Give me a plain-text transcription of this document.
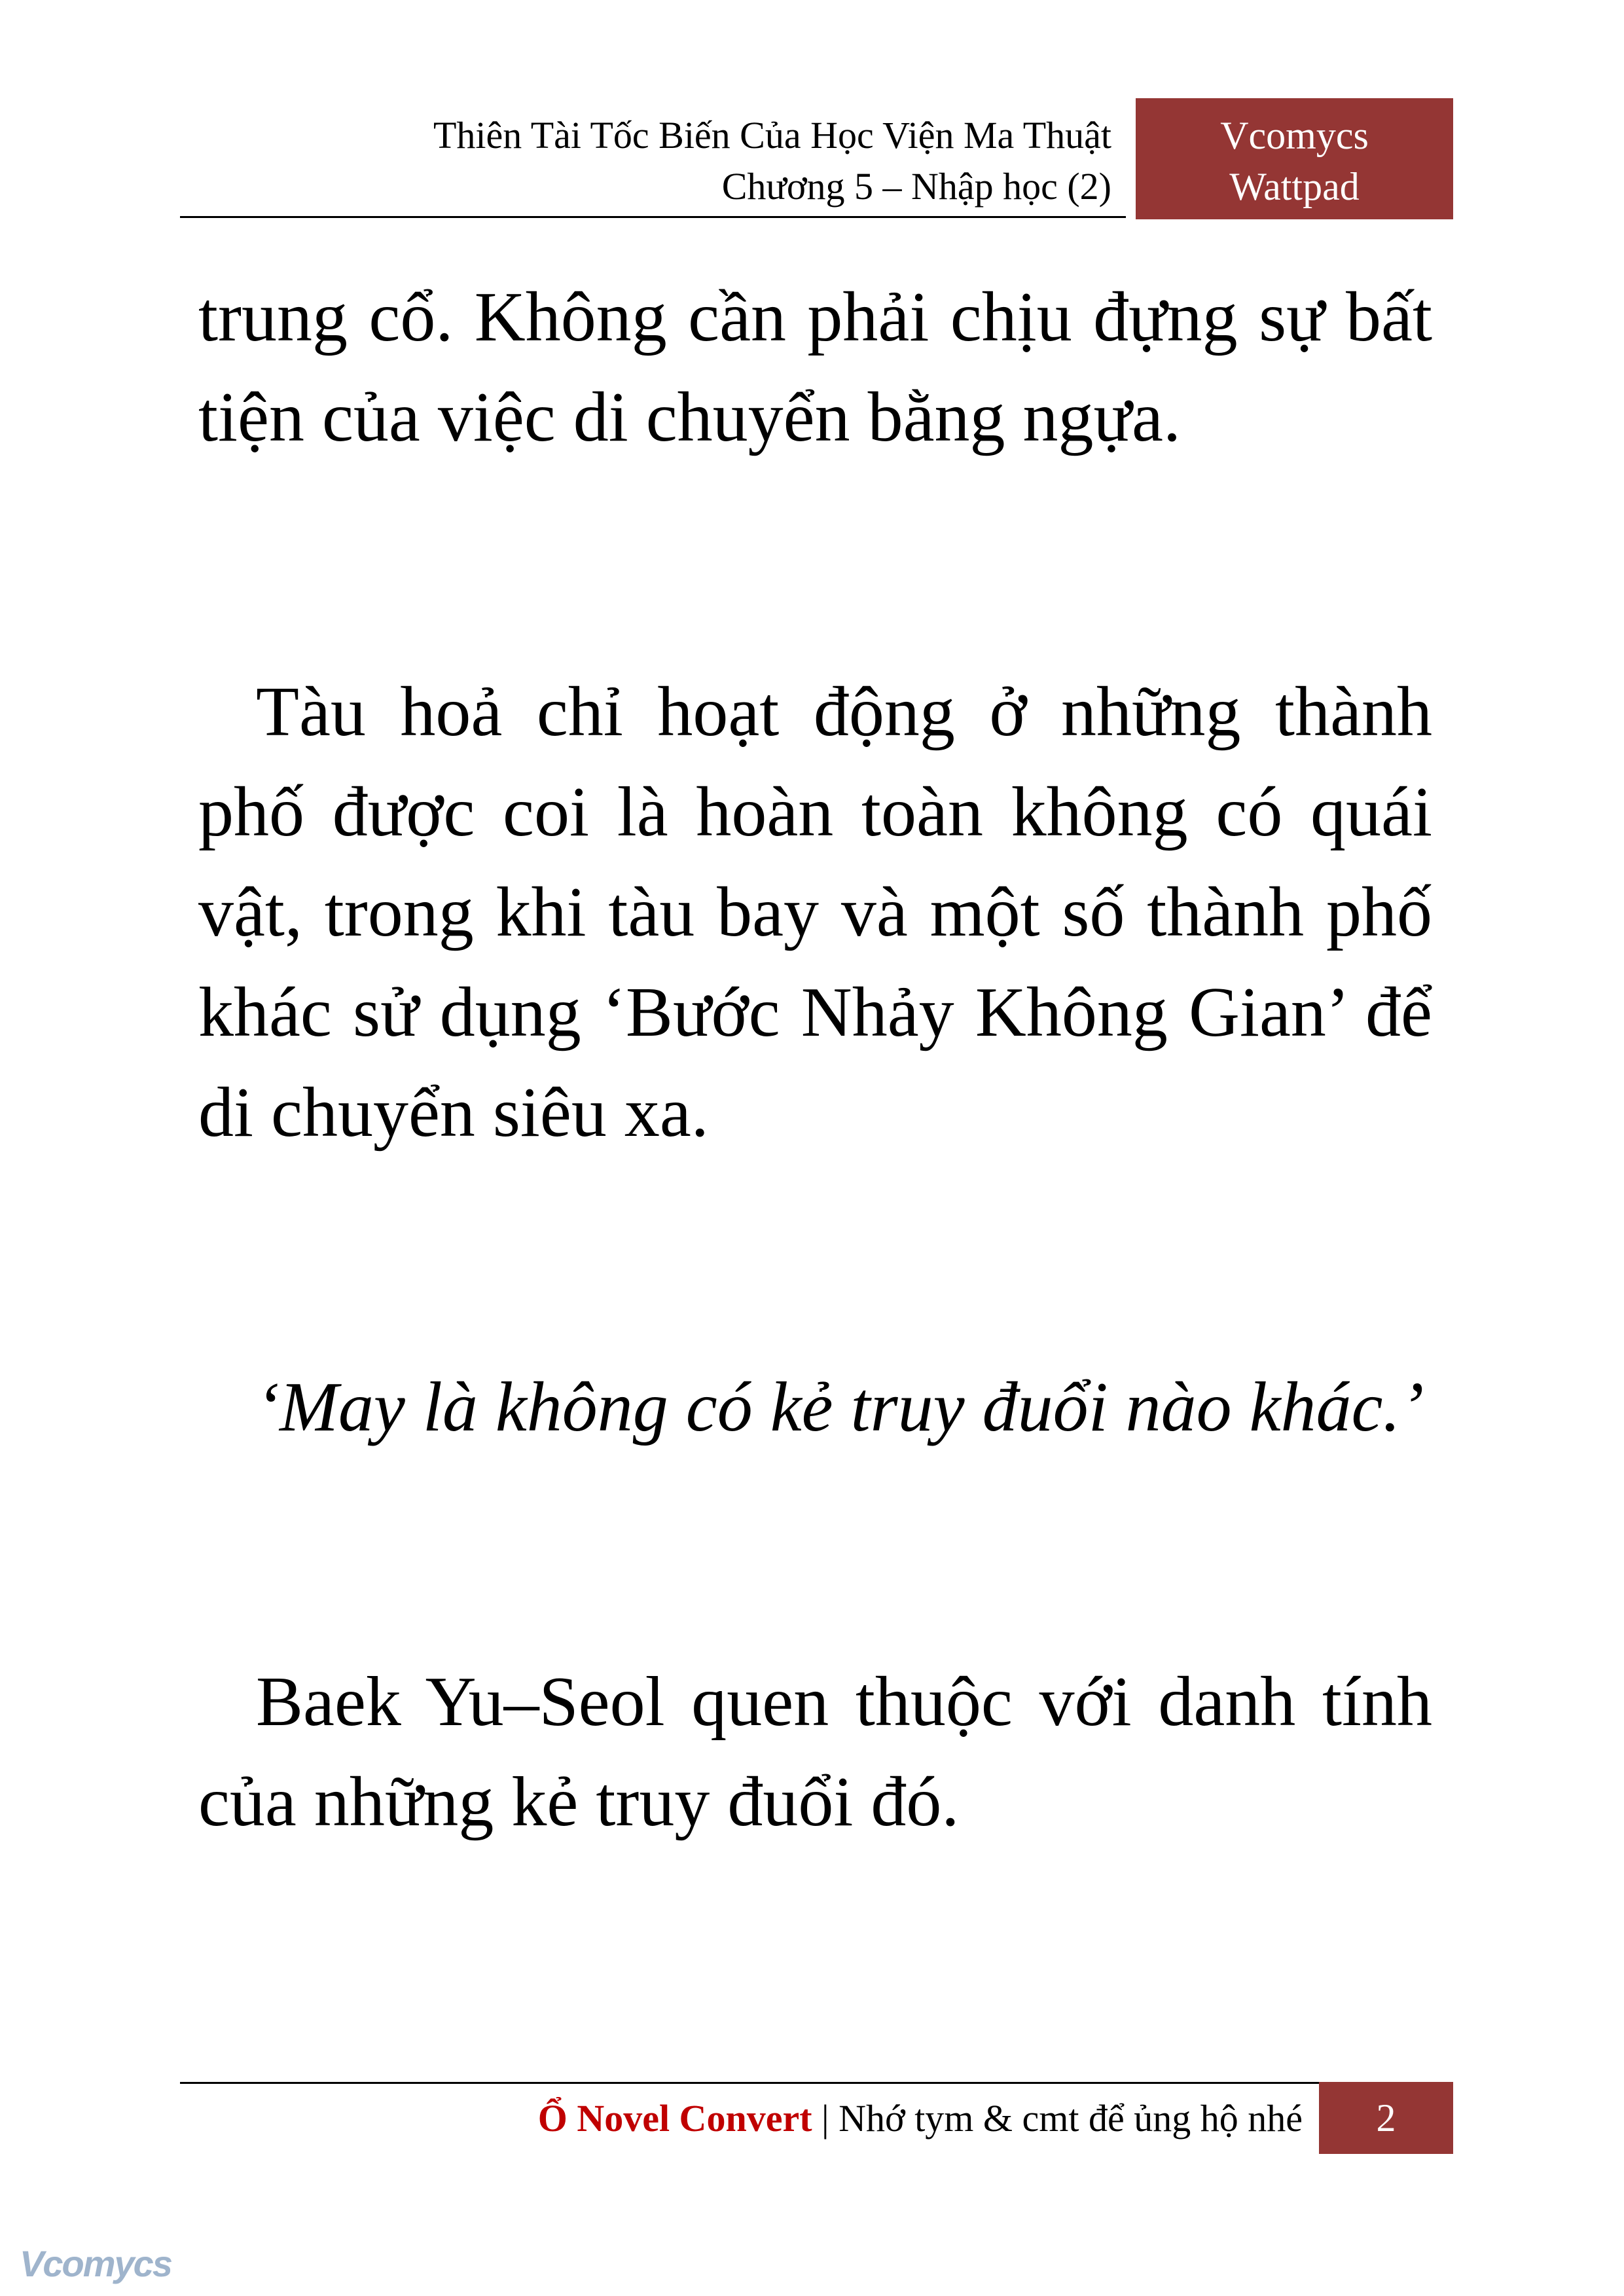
Thiên Tài Tốc Biến Của Học Viện Ma Thuật
Chương 5 – Nhập học (2)
Vcomycs
Wattpad

trung cổ. Không cần phải chịu đựng sự bất tiện của việc di chuyển bằng ngựa.

Tàu hoả chỉ hoạt động ở những thành phố được coi là hoàn toàn không có quái vật, trong khi tàu bay và một số thành phố khác sử dụng ‘Bước Nhảy Không Gian’ để di chuyển siêu xa.

‘May là không có kẻ truy đuổi nào khác.’

Baek Yu–Seol quen thuộc với danh tính của những kẻ truy đuổi đó.

Ổ Novel Convert | Nhớ tym & cmt để ủng hộ nhé	2
Vcomycs
